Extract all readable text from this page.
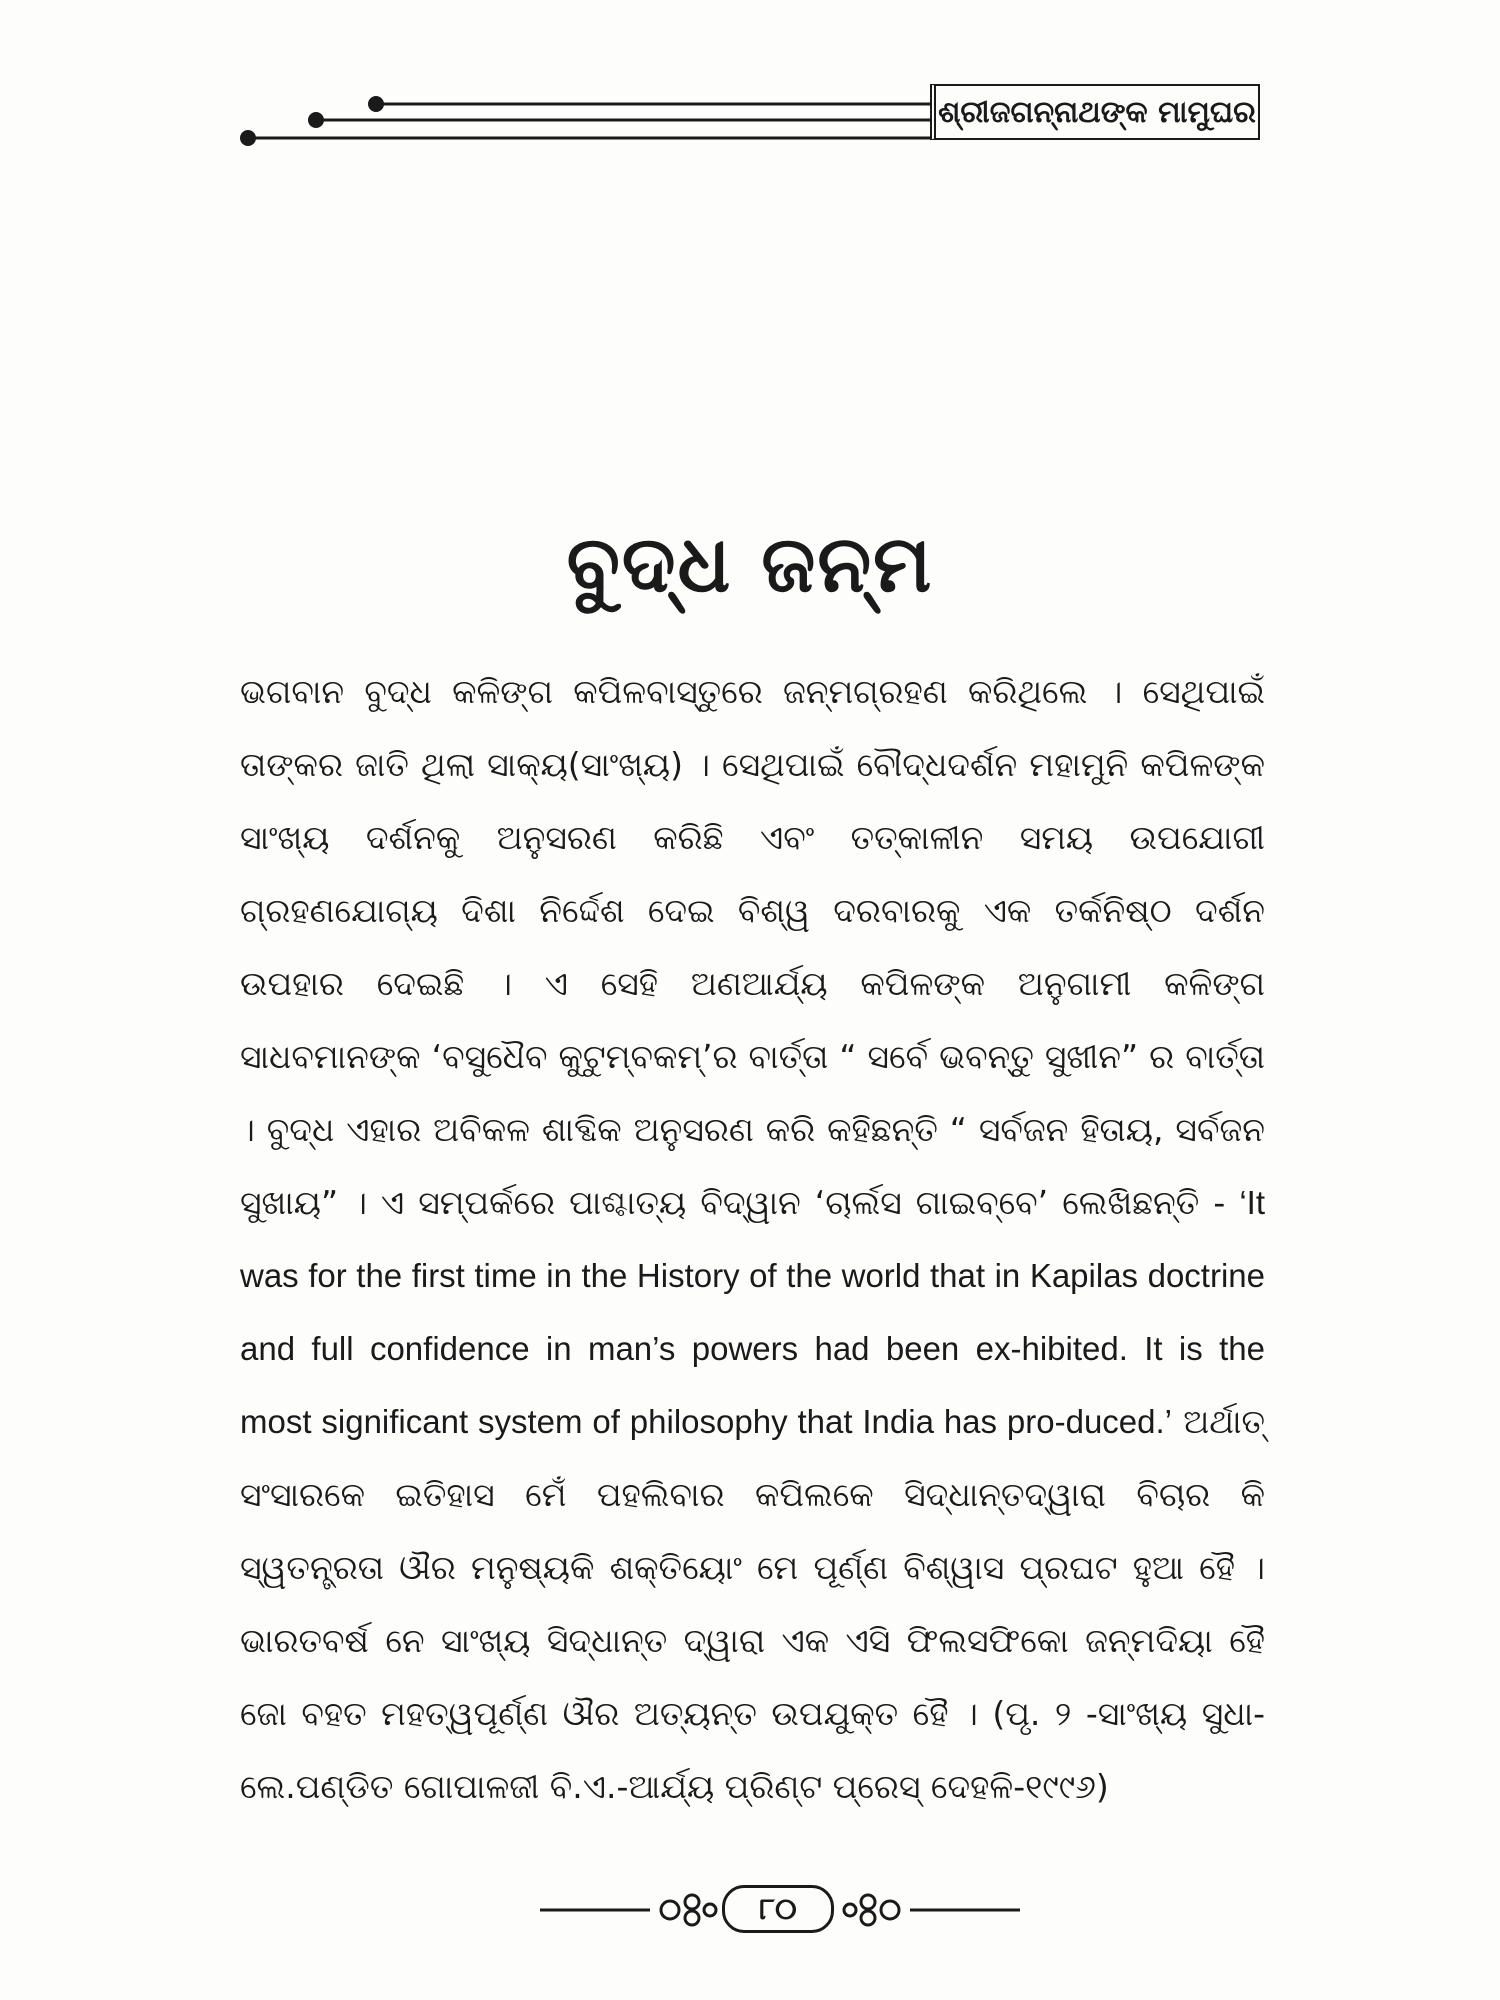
ଶ୍ରୀଜଗନ୍ନାଥଙ୍କ ମାମୁଘର
ବୁଦ୍ଧ ଜନ୍ମ
ଭଗବାନ ବୁଦ୍ଧ କଳିଙ୍ଗ କପିଳବାସ୍ତୁରେ ଜନ୍ମଗ୍ରହଣ କରିଥିଲେ । ସେଥିପାଇଁ ତାଙ୍କର ଜାତି ଥିଲା ସାକ୍ୟ(ସାଂଖ୍ୟ) । ସେଥିପାଇଁ ବୌଦ୍ଧଦର୍ଶନ ମହାମୁନି କପିଳଙ୍କ ସାଂଖ୍ୟ ଦର୍ଶନକୁ ଅନୁସରଣ କରିଛି ଏବଂ ତତ୍‌କାଳୀନ ସମୟ ଉପଯୋଗୀ ଗ୍ରହଣଯୋଗ୍ୟ ଦିଶା ନିର୍ଦ୍ଦେଶ ଦେଇ ବିଶ୍ୱ ଦରବାରକୁ ଏକ ତର୍କନିଷ୍ଠ ଦର୍ଶନ ଉପହାର ଦେଇଛି । ଏ ସେହି ଅଣଆର୍ଯ୍ୟ କପିଳଙ୍କ ଅନୁଗାମୀ କଳିଙ୍ଗ ସାଧବମାନଙ୍କ ‘ବସୁଧୈବ କୁଟୁମ୍ବକମ୍’ର ବାର୍ତ୍ତା “ ସର୍ବେ ଭବନ୍ତୁ ସୁଖୀନ” ର ବାର୍ତ୍ତା । ବୁଦ୍ଧ ଏହାର ଅବିକଳ ଶାବ୍ଦିକ ଅନୁସରଣ କରି କହିଛନ୍ତି “ ସର୍ବଜନ ହିତାୟ, ସର୍ବଜନ ସୁଖାୟ” । ଏ ସମ୍ପର୍କରେ ପାଶ୍ଚାତ୍ୟ ବିଦ୍ୱାନ ‘ଚାର୍ଲସ ଗାଇବ୍ବେ’ ଲେଖିଛନ୍ତି - ‘It was for the first time in the History of the world that in Kapilas doctrine and full confidence in man’s powers had been ex-hibited. It is the most significant system of philosophy that India has pro-duced.’ ଅର୍ଥାତ୍ ସଂସାରକେ ଇତିହାସ ମେଁ ପହଲିବାର କପିଲକେ ସିଦ୍ଧାନ୍ତଦ୍ୱାରା ବିଚାର କି ସ୍ୱତନ୍ତ୍ରତା ଔର ମନୁଷ୍ୟକି ଶକ୍ତିୟୋଂ ମେ ପୂର୍ଣ୍ଣ ବିଶ୍ୱାସ ପ୍ରଘଟ ହୁଆ ହୈ । ଭାରତବର୍ଷ ନେ ସାଂଖ୍ୟ ସିଦ୍ଧାନ୍ତ ଦ୍ୱାରା ଏକ ଏସି ଫିଲସଫିକୋ ଜନ୍ମଦିୟା ହୈ ଜୋ ବହତ ମହତ୍ୱପୂର୍ଣ୍ଣ ଔର ଅତ୍ୟନ୍ତ ଉପଯୁକ୍ତ ହୈ । (ପୃ. ୨ -ସାଂଖ୍ୟ ସୁଧା- ଲେ.ପଣ୍ଡିତ ଗୋପାଳଜୀ ବି.ଏ.-ଆର୍ଯ୍ୟ ପ୍ରିଣ୍ଟ ପ୍ରେସ୍ ଦେହଳି-୧୯୯୬)
୮୦
